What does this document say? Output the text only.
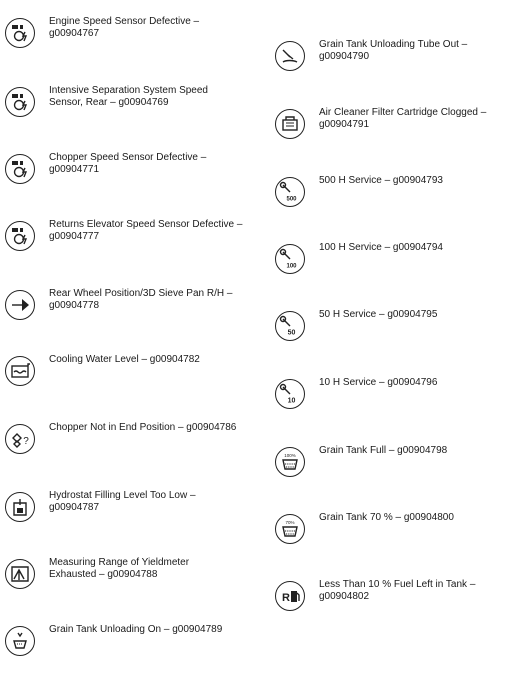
Engine Speed Sensor Defective –
g00904767
Intensive Separation System Speed
Sensor, Rear – g00904769
Chopper Speed Sensor Defective –
g00904771
Returns Elevator Speed Sensor Defective –
g00904777
Rear Wheel Position/3D Sieve Pan R/H –
g00904778
Cooling Water Level – g00904782
?
Chopper Not in End Position – g00904786
Hydrostat Filling Level Too Low –
g00904787
Measuring Range of Yieldmeter
Exhausted – g00904788
Grain Tank Unloading On – g00904789
Grain Tank Unloading Tube Out –
g00904790
Air Cleaner Filter Cartridge Clogged –
g00904791
500
500 H Service – g00904793
100
100 H Service – g00904794
50
50 H Service – g00904795
10
10 H Service – g00904796
100% Grain Tank Full – g00904798
70% Grain Tank 70 % – g00904800
R
Less Than 10 % Fuel Left in Tank –
g00904802
